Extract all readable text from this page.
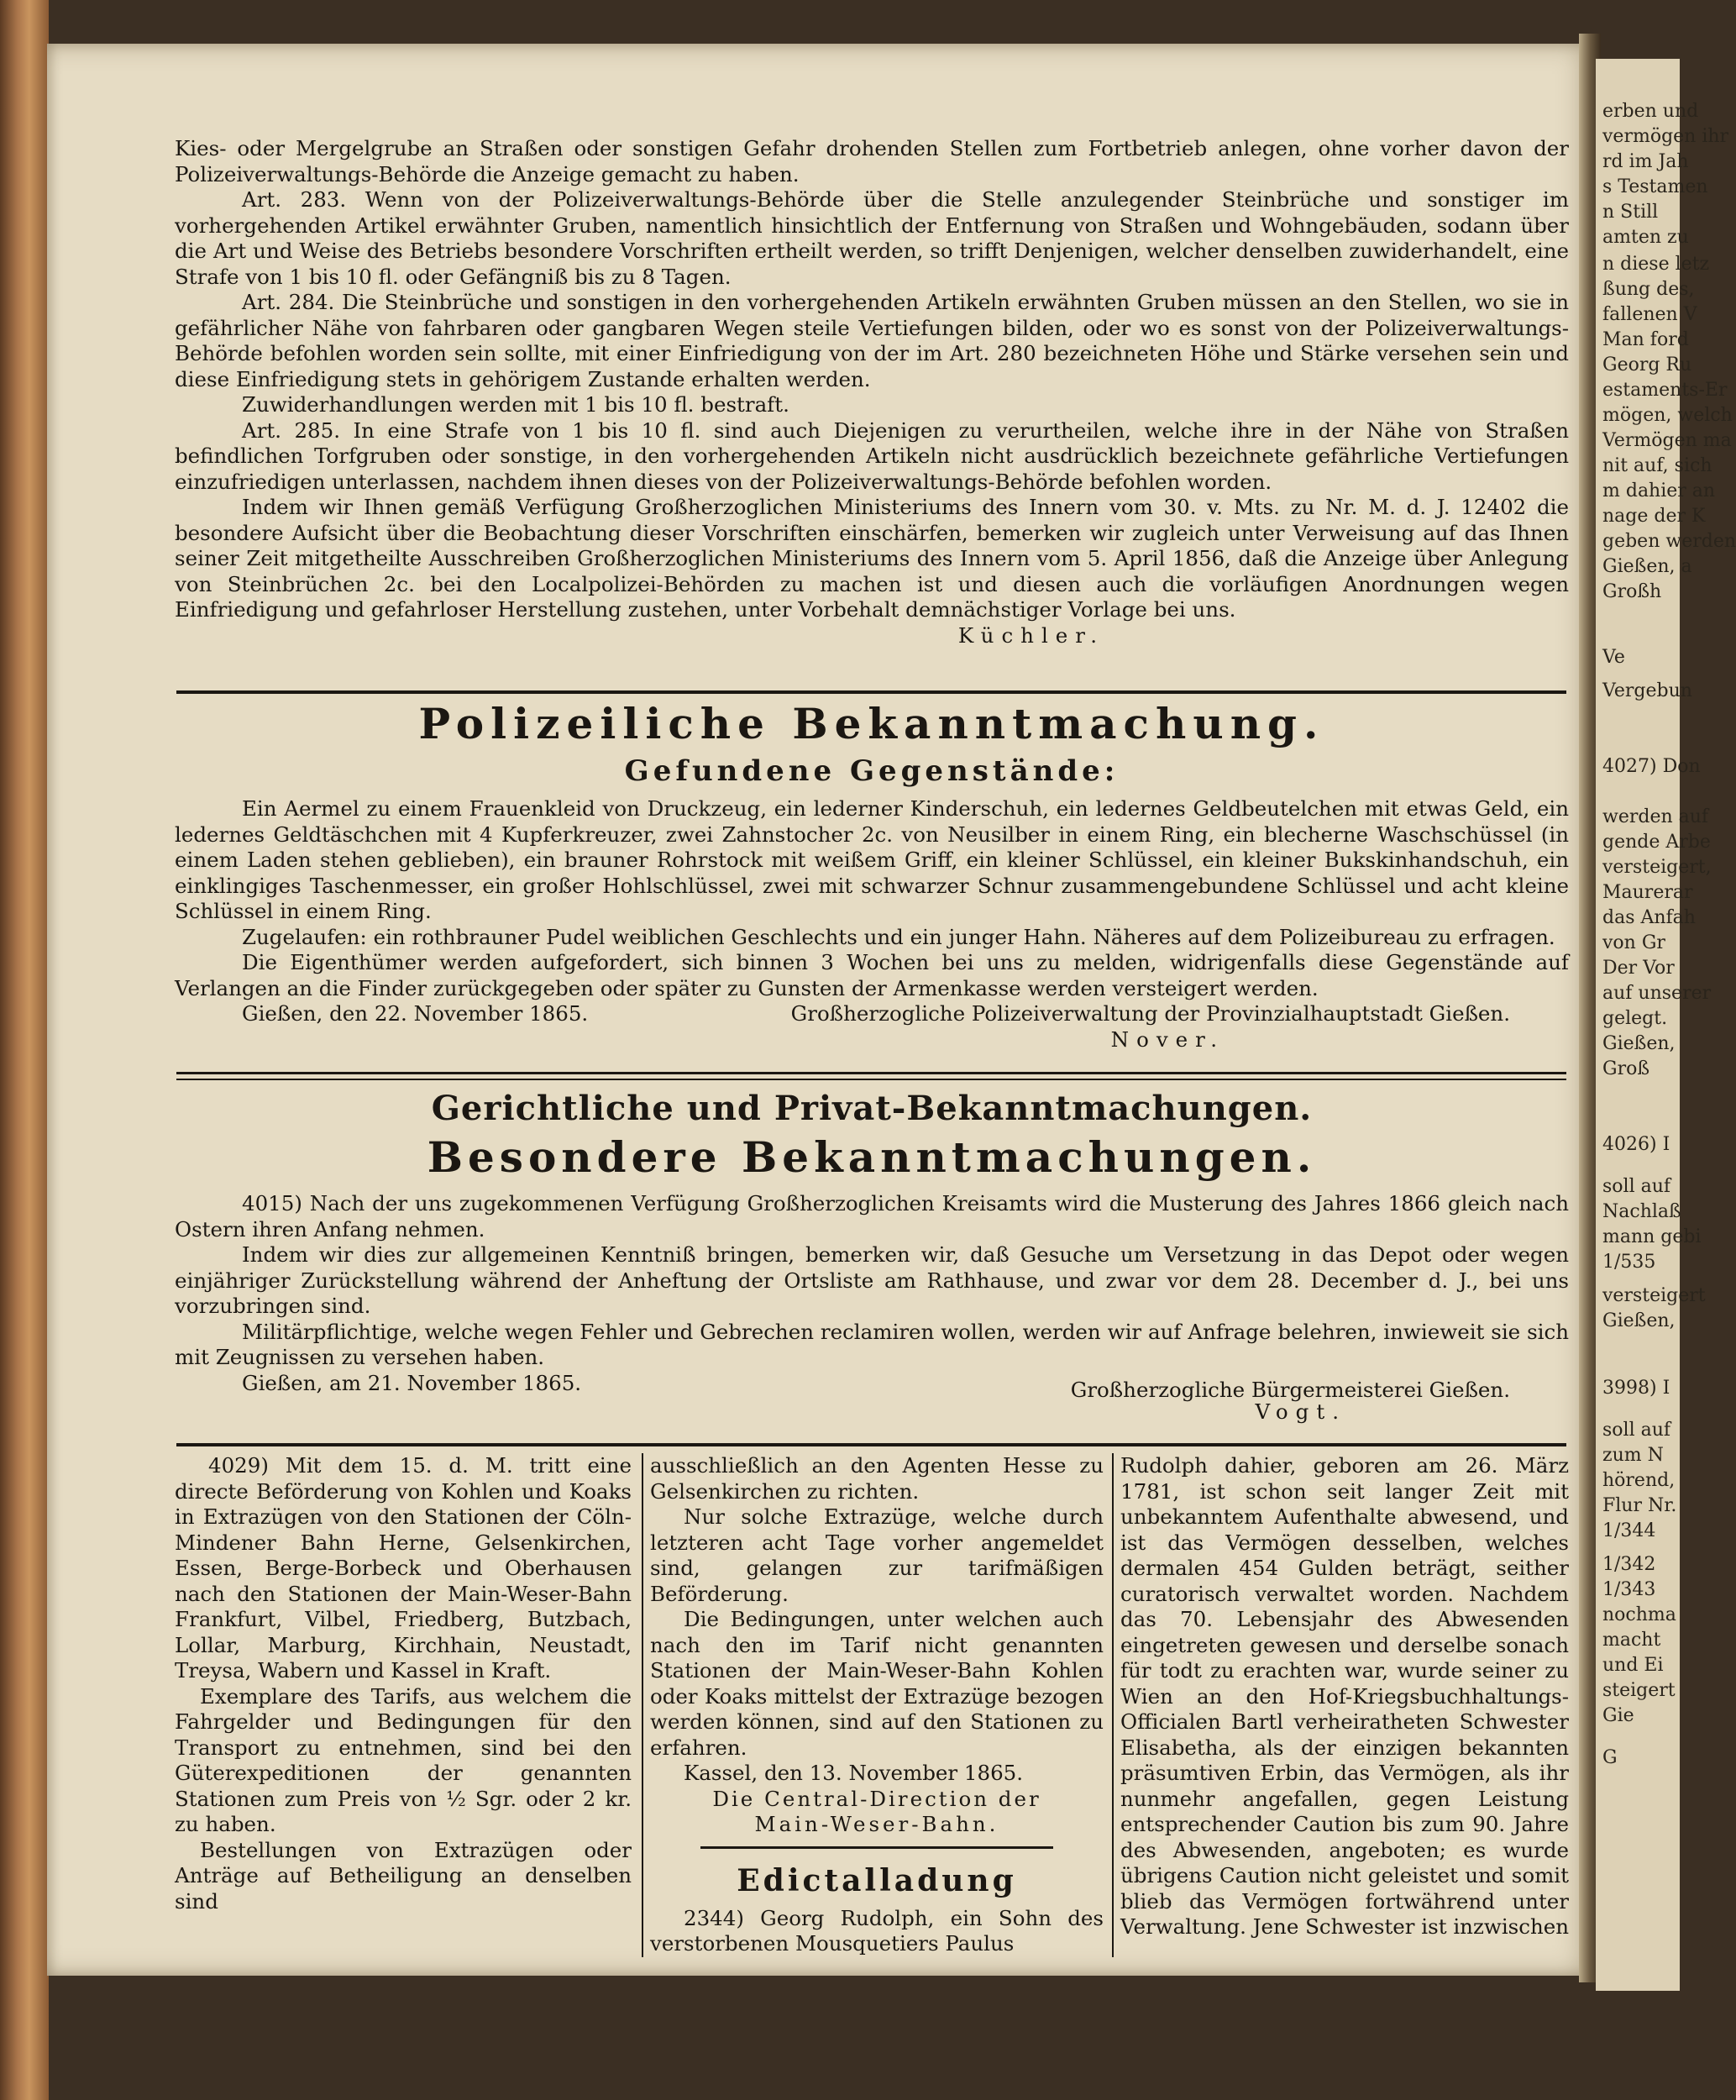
erben und
vermögen ihr
rd im Jah
s Testamen
n Still
amten zu
n diese letz
ßung des,
fallenen V
Man ford
Georg Ru
estaments-Er
mögen, welch
Vermögen ma
nit auf, sich
m dahier an
nage der K
geben werden
Gießen, a
Großh
Ve
Vergebun
4027) Don
werden auf
gende Arbe
versteigert,
Maurerar
das Anfah
von Gr
Der Vor
auf unserer
gelegt.
Gießen,
Groß
4026) I
soll auf
Nachlaß
mann gebi
1/535
versteigert
Gießen,
3998) I
soll auf
zum N
hörend,
Flur Nr.
1/344
1/342
1/343
nochma
macht
und Ei
steigert
Gie
G

Kies- oder Mergelgrube an Straßen oder sonstigen Gefahr drohenden Stellen zum Fortbetrieb anlegen, ohne vorher davon der Polizeiverwaltungs-Behörde die Anzeige gemacht zu haben.

Art. 283. Wenn von der Polizeiverwaltungs-Behörde über die Stelle anzulegender Steinbrüche und sonstiger im vorhergehenden Artikel erwähnter Gruben, namentlich hinsichtlich der Entfernung von Straßen und Wohngebäuden, sodann über die Art und Weise des Betriebs besondere Vorschriften ertheilt werden, so trifft Denjenigen, welcher denselben zuwiderhandelt, eine Strafe von 1 bis 10 fl. oder Gefängniß bis zu 8 Tagen.

Art. 284. Die Steinbrüche und sonstigen in den vorhergehenden Artikeln erwähnten Gruben müssen an den Stellen, wo sie in gefährlicher Nähe von fahrbaren oder gangbaren Wegen steile Vertiefungen bilden, oder wo es sonst von der Polizeiverwaltungs-Behörde befohlen worden sein sollte, mit einer Einfriedigung von der im Art. 280 bezeichneten Höhe und Stärke versehen sein und diese Einfriedigung stets in gehörigem Zustande erhalten werden.

Zuwiderhandlungen werden mit 1 bis 10 fl. bestraft.

Art. 285. In eine Strafe von 1 bis 10 fl. sind auch Diejenigen zu verurtheilen, welche ihre in der Nähe von Straßen befindlichen Torfgruben oder sonstige, in den vorhergehenden Artikeln nicht ausdrücklich bezeichnete gefährliche Vertiefungen einzufriedigen unterlassen, nachdem ihnen dieses von der Polizeiverwaltungs-Behörde befohlen worden.

Indem wir Ihnen gemäß Verfügung Großherzoglichen Ministeriums des Innern vom 30. v. Mts. zu Nr. M. d. J. 12402 die besondere Aufsicht über die Beobachtung dieser Vorschriften einschärfen, bemerken wir zugleich unter Verweisung auf das Ihnen seiner Zeit mitgetheilte Ausschreiben Großherzoglichen Ministeriums des Innern vom 5. April 1856, daß die Anzeige über Anlegung von Steinbrüchen 2c. bei den Localpolizei-Behörden zu machen ist und diesen auch die vorläufigen Anordnungen wegen Einfriedigung und gefahrloser Herstellung zustehen, unter Vorbehalt demnächstiger Vorlage bei uns.

Küchler.

Polizeiliche Bekanntmachung.
Gefundene Gegenstände:

Ein Aermel zu einem Frauenkleid von Druckzeug, ein lederner Kinderschuh, ein ledernes Geldbeutelchen mit etwas Geld, ein ledernes Geldtäschchen mit 4 Kupferkreuzer, zwei Zahnstocher 2c. von Neusilber in einem Ring, ein blecherne Waschschüssel (in einem Laden stehen geblieben), ein brauner Rohrstock mit weißem Griff, ein kleiner Schlüssel, ein kleiner Bukskinhandschuh, ein einklingiges Taschenmesser, ein großer Hohlschlüssel, zwei mit schwarzer Schnur zusammengebundene Schlüssel und acht kleine Schlüssel in einem Ring.

Zugelaufen: ein rothbrauner Pudel weiblichen Geschlechts und ein junger Hahn. Näheres auf dem Polizeibureau zu erfragen.

Die Eigenthümer werden aufgefordert, sich binnen 3 Wochen bei uns zu melden, widrigenfalls diese Gegenstände auf Verlangen an die Finder zurückgegeben oder später zu Gunsten der Armenkasse werden versteigert werden.

Gießen, den 22. November 1865.	Großherzogliche Polizeiverwaltung der Provinzialhauptstadt Gießen.

Nover.

Gerichtliche und Privat-Bekanntmachungen.
Besondere Bekanntmachungen.

4015) Nach der uns zugekommenen Verfügung Großherzoglichen Kreisamts wird die Musterung des Jahres 1866 gleich nach Ostern ihren Anfang nehmen.

Indem wir dies zur allgemeinen Kenntniß bringen, bemerken wir, daß Gesuche um Versetzung in das Depot oder wegen einjähriger Zurückstellung während der Anheftung der Ortsliste am Rathhause, und zwar vor dem 28. December d. J., bei uns vorzubringen sind.

Militärpflichtige, welche wegen Fehler und Gebrechen reclamiren wollen, werden wir auf Anfrage belehren, inwieweit sie sich mit Zeugnissen zu versehen haben.

Gießen, am 21. November 1865.	Großherzogliche Bürgermeisterei Gießen.

Vogt.

4029) Mit dem 15. d. M. tritt eine directe Beförderung von Kohlen und Koaks in Extrazügen von den Stationen der Cöln-Mindener Bahn Herne, Gelsenkirchen, Essen, Berge-Borbeck und Oberhausen nach den Stationen der Main-Weser-Bahn Frankfurt, Vilbel, Friedberg, Butzbach, Lollar, Marburg, Kirchhain, Neustadt, Treysa, Wabern und Kassel in Kraft.

Exemplare des Tarifs, aus welchem die Fahrgelder und Bedingungen für den Transport zu entnehmen, sind bei den Güterexpeditionen der genannten Stationen zum Preis von ½ Sgr. oder 2 kr. zu haben.

Bestellungen von Extrazügen oder Anträge auf Betheiligung an denselben sind

ausschließlich an den Agenten Hesse zu Gelsenkirchen zu richten.

Nur solche Extrazüge, welche durch letzteren acht Tage vorher angemeldet sind, gelangen zur tarifmäßigen Beförderung.

Die Bedingungen, unter welchen auch nach den im Tarif nicht genannten Stationen der Main-Weser-Bahn Kohlen oder Koaks mittelst der Extrazüge bezogen werden können, sind auf den Stationen zu erfahren.

Kassel, den 13. November 1865.

Die Central-Direction der

Main-Weser-Bahn.

Edictalladung

2344) Georg Rudolph, ein Sohn des verstorbenen Mousquetiers Paulus

Rudolph dahier, geboren am 26. März 1781, ist schon seit langer Zeit mit unbekanntem Aufenthalte abwesend, und ist das Vermögen desselben, welches dermalen 454 Gulden beträgt, seither curatorisch verwaltet worden. Nachdem das 70. Lebensjahr des Abwesenden eingetreten gewesen und derselbe sonach für todt zu erachten war, wurde seiner zu Wien an den Hof-Kriegsbuchhaltungs-Officialen Bartl verheiratheten Schwester Elisabetha, als der einzigen bekannten präsumtiven Erbin, das Vermögen, als ihr nunmehr angefallen, gegen Leistung entsprechender Caution bis zum 90. Jahre des Abwesenden, angeboten; es wurde übrigens Caution nicht geleistet und somit blieb das Vermögen fortwährend unter Verwaltung. Jene Schwester ist inzwischen
